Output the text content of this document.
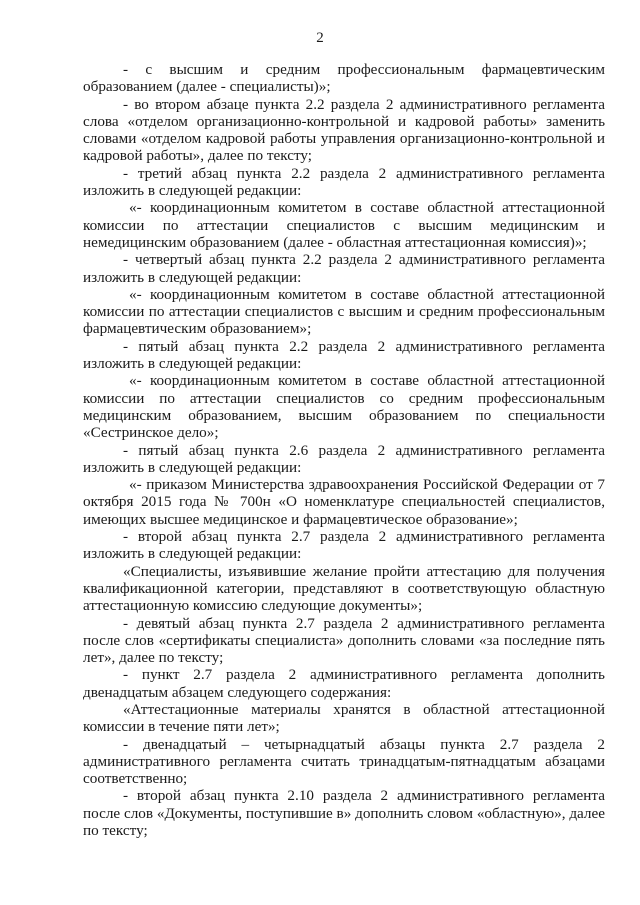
2

- с высшим и средним профессиональным фармацевтическим образованием (далее - специалисты)»;

- во втором абзаце пункта 2.2 раздела 2 административного регламента слова «отделом организационно-контрольной и кадровой работы» заменить словами «отделом кадровой работы управления организационно-контрольной и кадровой работы», далее по тексту;

- третий абзац пункта 2.2 раздела 2 административного регламента изложить в следующей редакции:

«- координационным комитетом в составе областной аттестационной комиссии по аттестации специалистов с высшим медицинским и немедицинским образованием (далее - областная аттестационная комиссия)»;

- четвертый абзац пункта 2.2 раздела 2 административного регламента изложить в следующей редакции:

«- координационным комитетом в составе областной аттестационной комиссии по аттестации специалистов с высшим и средним профессиональным фармацевтическим образованием»;

- пятый абзац пункта 2.2 раздела 2 административного регламента изложить в следующей редакции:

«- координационным комитетом в составе областной аттестационной комиссии по аттестации специалистов со средним профессиональным медицинским образованием, высшим образованием по специальности «Сестринское дело»;

- пятый абзац пункта 2.6 раздела 2 административного регламента изложить в следующей редакции:

«- приказом Министерства здравоохранения Российской Федерации от 7 октября 2015 года № 700н «О номенклатуре специальностей специалистов, имеющих высшее медицинское и фармацевтическое образование»;

- второй абзац пункта 2.7 раздела 2 административного регламента изложить в следующей редакции:

«Специалисты, изъявившие желание пройти аттестацию для получения квалификационной категории, представляют в соответствующую областную аттестационную комиссию следующие документы»;

- девятый абзац пункта 2.7 раздела 2 административного регламента после слов «сертификаты специалиста» дополнить словами «за последние пять лет», далее по тексту;

- пункт 2.7 раздела 2 административного регламента дополнить двенадцатым абзацем следующего содержания:

«Аттестационные материалы хранятся в областной аттестационной комиссии в течение пяти лет»;

- двенадцатый – четырнадцатый абзацы пункта 2.7 раздела 2 административного регламента считать тринадцатым-пятнадцатым абзацами соответственно;

- второй абзац пункта 2.10 раздела 2 административного регламента после слов «Документы, поступившие в» дополнить словом «областную», далее по тексту;
